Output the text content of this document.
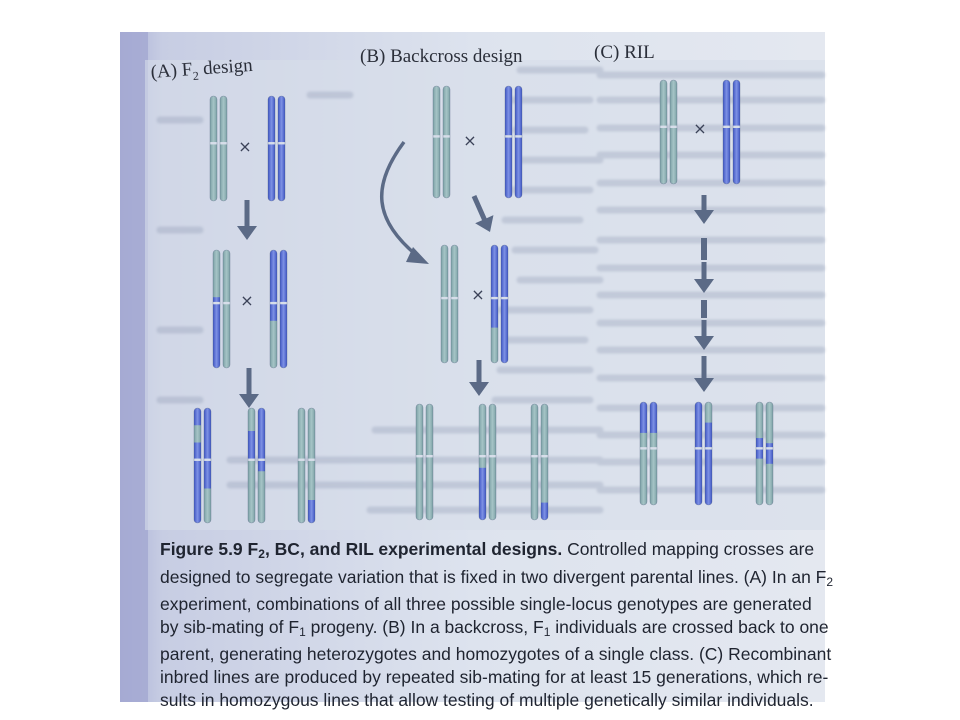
×
×
×
×
×
(A) $F_2$ design	(B) Backcross design	(C) RIL
Figure 5.9 $F_2$, BC, and RIL experimental designs. Controlled mapping crosses are
designed to segregate variation that is fixed in two divergent parental lines. (A) In an $F_2$
experiment, combinations of all three possible single-locus genotypes are generated
by sib-mating of $F_1$ progeny. (B) In a backcross, $F_1$ individuals are crossed back to one
parent, generating heterozygotes and homozygotes of a single class. (C) Recombinant
inbred lines are produced by repeated sib-mating for at least 15 generations, which re-
sults in homozygous lines that allow testing of multiple genetically similar individuals.
